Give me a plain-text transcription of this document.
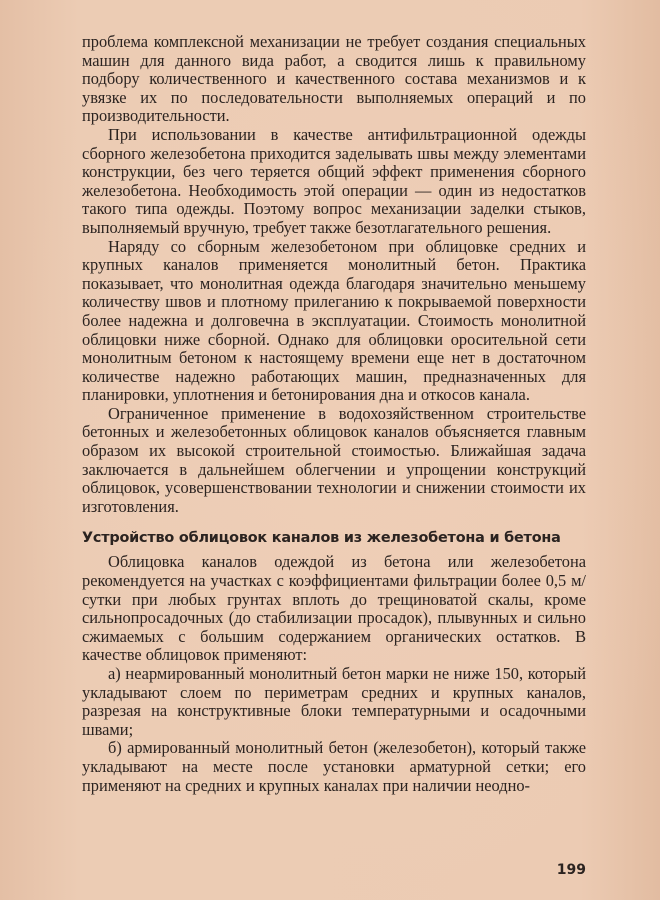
проблема комплексной механизации не требует создания специальных машин для данного вида работ, а сводится лишь к правильному подбору количественного и качественного состава механизмов и к увязке их по последовательности выполняемых операций и по производительности.

При использовании в качестве антифильтрационной одежды сборного железобетона приходится заделывать швы между элементами конструкции, без чего теряется общий эффект применения сборного железобетона. Необходимость этой операции — один из недостатков такого типа одежды. Поэтому вопрос механизации заделки стыков, выполняемый вручную, требует также безотлагательного решения.

Наряду со сборным железобетоном при облицовке средних и крупных каналов применяется монолитный бетон. Практика показывает, что монолитная одежда благодаря значительно меньшему количеству швов и плотному прилеганию к покрываемой поверхности более надежна и долговечна в эксплуатации. Стоимость монолитной облицовки ниже сборной. Однако для облицовки оросительной сети монолитным бетоном к настоящему времени еще нет в достаточном количестве надежно работающих машин, предназначенных для планировки, уплотнения и бетонирования дна и откосов канала.

Ограниченное применение в водохозяйственном строительстве бетонных и железобетонных облицовок каналов объясняется главным образом их высокой строительной стоимостью. Ближайшая задача заключается в дальнейшем облегчении и упрощении конструкций облицовок, усовершенствовании технологии и снижении стоимости их изготовления.

Устройство облицовок каналов из железобетона и бетона

Облицовка каналов одеждой из бетона или железобетона рекомендуется на участках с коэффициентами фильтрации более 0,5 м/сутки при любых грунтах вплоть до трещиноватой скалы, кроме сильнопросадочных (до стабилизации просадок), плывунных и сильно сжимаемых с большим содержанием органических остатков. В качестве облицовок применяют:

а) неармированный монолитный бетон марки не ниже 150, который укладывают слоем по периметрам средних и крупных каналов, разрезая на конструктивные блоки температурными и осадочными швами;

б) армированный монолитный бетон (железобетон), который также укладывают на месте после установки арматурной сетки; его применяют на средних и крупных каналах при наличии неодно-

199
